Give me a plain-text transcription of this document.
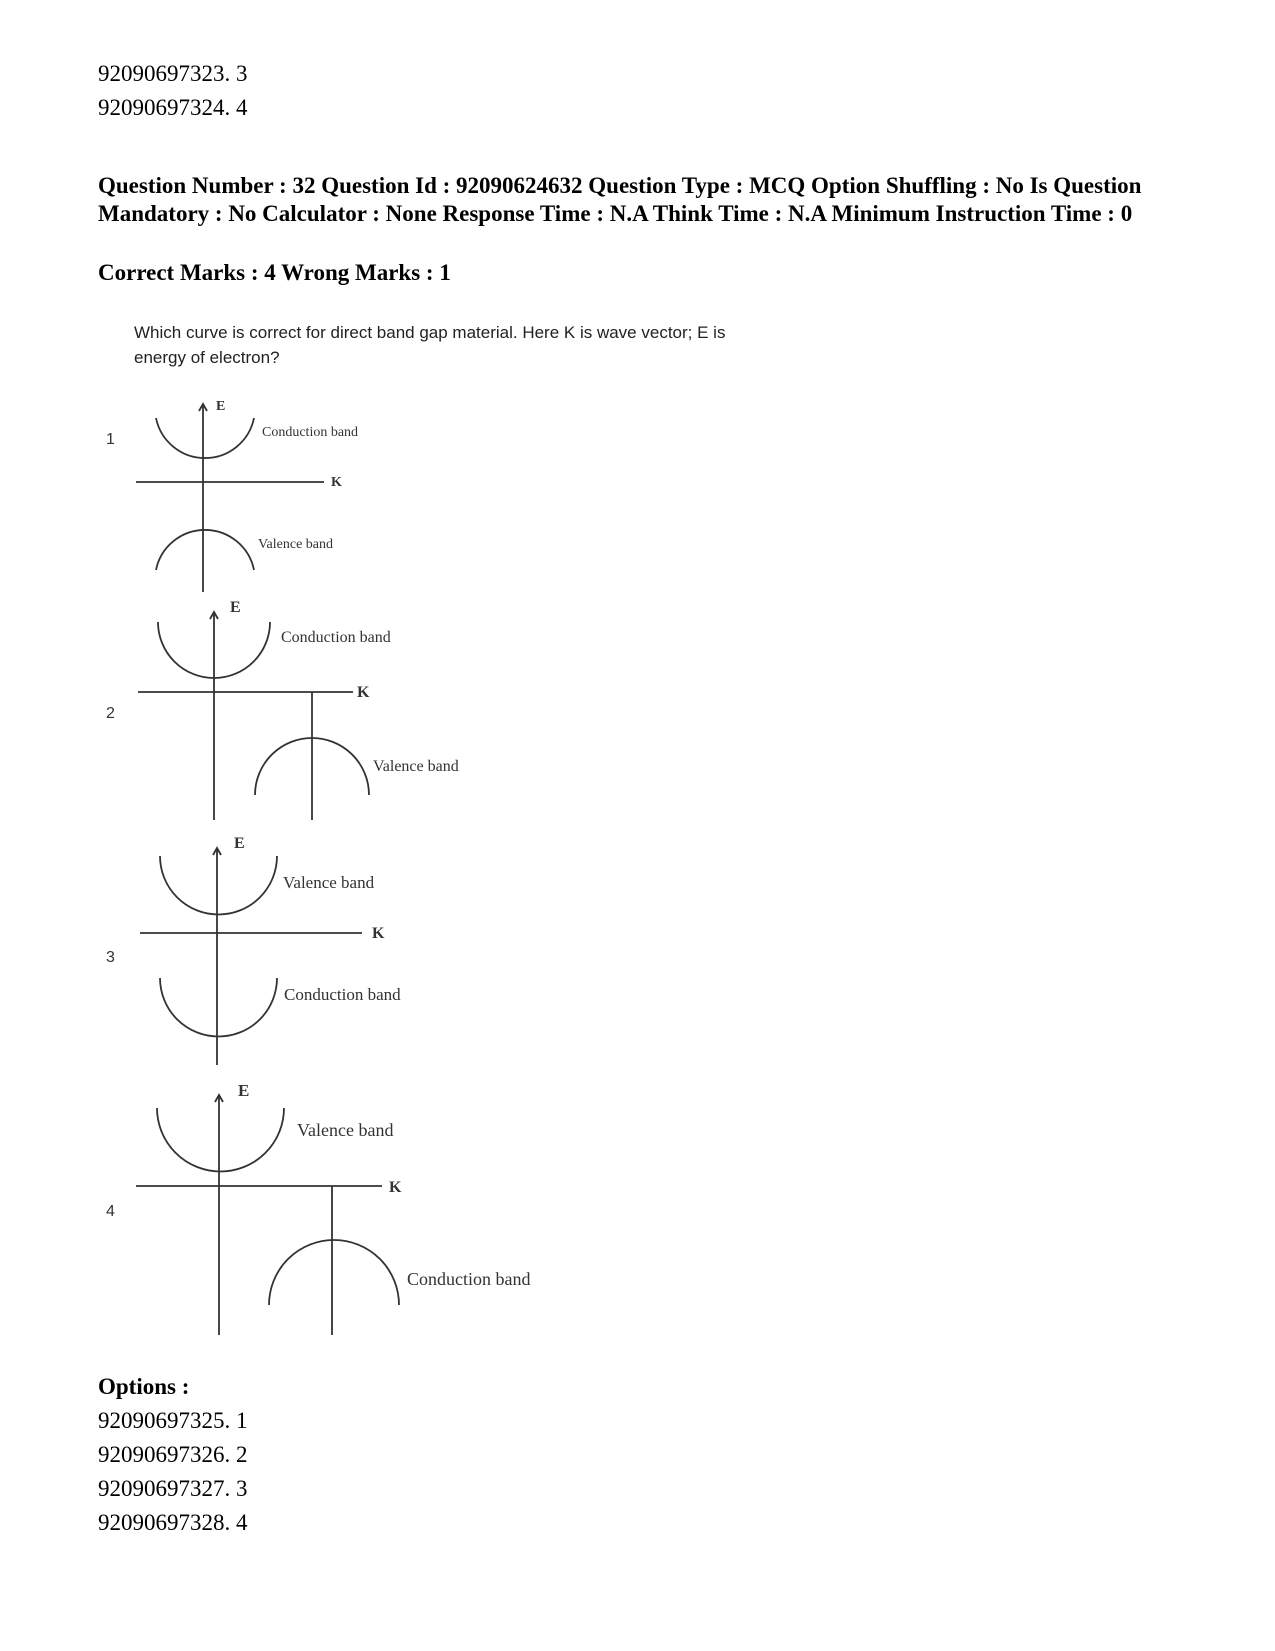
92090697323. 3
92090697324. 4
Question Number : 32 Question Id : 92090624632 Question Type : MCQ Option Shuffling : No Is Question Mandatory : No Calculator : None Response Time : N.A Think Time : N.A Minimum Instruction Time : 0
Correct Marks : 4 Wrong Marks : 1
Which curve is correct for direct band gap material. Here K is wave vector; E is energy of electron?
1
E
K
Conduction band
Valence band
2
E
K
Conduction band
Valence band
3
E
K
Valence band
Conduction band
4
E
K
Valence band
Conduction band
Options :
92090697325. 1
92090697326. 2
92090697327. 3
92090697328. 4
